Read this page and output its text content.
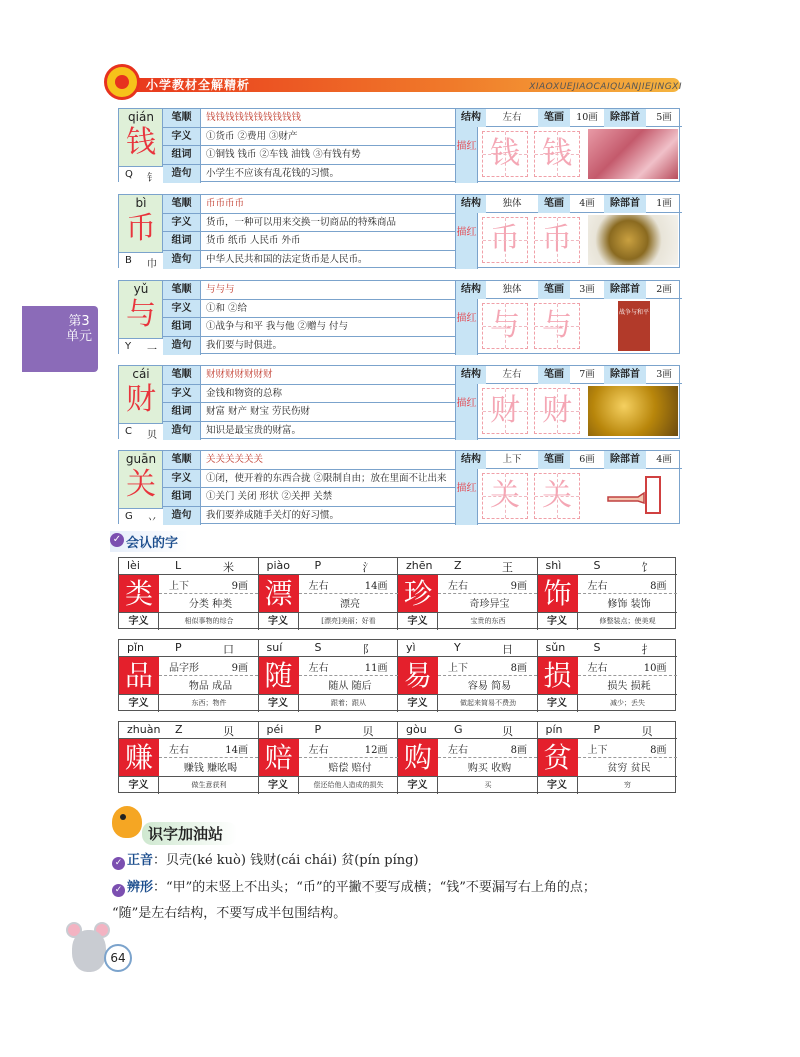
小学教材全解精析	XIAOXUEJIAOCAIQUANJIEJINGXI
第3
单元
qián
钱
Q 钅
笔顺	钱钱钱钱钱钱钱钱钱钱
字义	①货币 ②费用 ③财产
组词	①铜钱 钱币 ②车钱 油钱 ③有钱有势
造句	小学生不应该有乱花钱的习惯。
结构	左右	笔画	10画	除部首	5画
描红 钱 钱
bì
币
B 巾
笔顺	币币币币
字义	货币，一种可以用来交换一切商品的特殊商品
组词	货币 纸币 人民币 外币
造句	中华人民共和国的法定货币是人民币。
结构	独体	笔画	4画	除部首	1画
描红 币 币
yǔ
与
Y 一
笔顺	与与与
字义	①和 ②给
组词	①战争与和平 我与他 ②赠与 付与
造句	我们要与时俱进。
结构	独体	笔画	3画	除部首	2画
描红 与 与	战争与和平
cái
财
C 贝
笔顺	财财财财财财财
字义	金钱和物资的总称
组词	财富 财产 财宝 劳民伤财
造句	知识是最宝贵的财富。
结构	左右	笔画	7画	除部首	3画
描红 财 财
guān
关
G 丷
笔顺	关关关关关关
字义	①闭，使开着的东西合拢 ②限制自由；放在里面不让出来
组词	①关门 关闭 形状 ②关押 关禁
造句	我们要养成随手关灯的好习惯。
结构	上下	笔画	6画	除部首	4画
描红 关 关
会认的字
✓
lèi	L	米
类	上下	9画
分类 种类
字义	相似事物的综合
piào P	氵
漂	左右	14画
漂亮
字义	[漂亮]美丽；好看
zhēn Z	王
珍	左右	9画
奇珍异宝
字义	宝贵的东西
shì	S	饣
饰	左右	8画
修饰 装饰
字义	修整装点；使美观
pǐn	P	口
品	品字形	9画
物品 成品
字义	东西；物件
suí	S	阝
随	左右	11画
随从 随后
字义	跟着；跟从
yì	Y	日
易	上下	8画
容易 简易
字义	做起来简易不费劲
sǔn	S	扌
损	左右	10画
损失 损耗
字义	减少；丢失
zhuàn Z	贝
赚	左右	14画
赚钱 赚吆喝
字义	做生意获利
péi	P	贝
赔	左右	12画
赔偿 赔付
字义	偿还给他人造成的损失
gòu G	贝
购	左右	8画
购买 收购
字义	买
pín	P	贝
贫	上下	8画
贫穷 贫民
字义	穷
识字加油站
✓ 正音：贝壳(ké kuò) 钱财(cái chái) 贫(pín píng)
✓ 辨形：“甲”的末竖上不出头；“币”的平撇不要写成横；“钱”不要漏写右上角的点；
“随”是左右结构，不要写成半包围结构。
64
